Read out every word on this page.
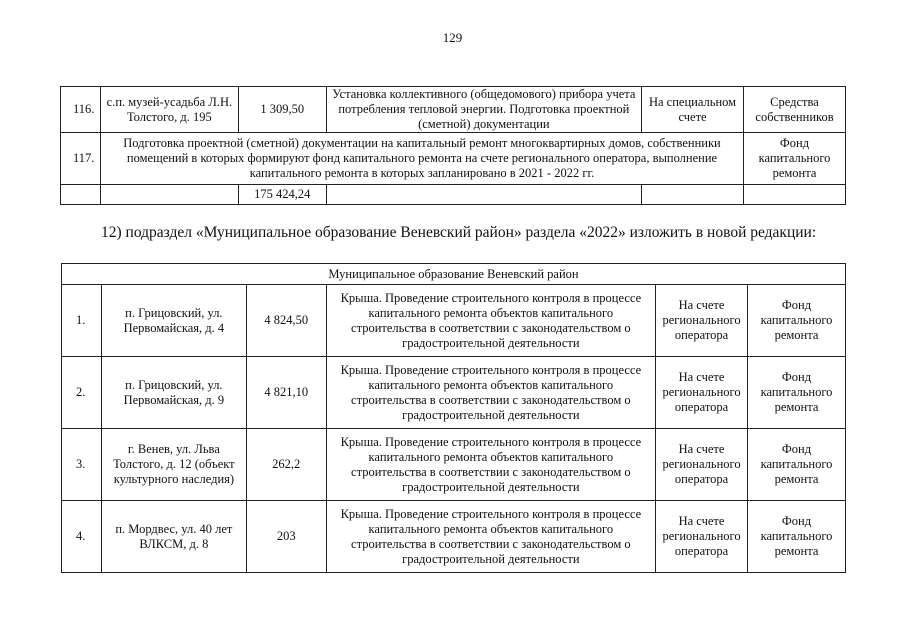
129
116.	с.п. музей-усадьба Л.Н. Толстого, д. 195	1 309,50	Установка коллективного (общедомового) прибора учета потребления тепловой энергии. Подготовка проектной (сметной) документации	На специальном счете	Средства собственников
117.	Подготовка проектной (сметной) документации на капитальный ремонт многоквартирных домов, собственники помещений в которых формируют фонд капитального ремонта на счете регионального оператора, выполнение капитального ремонта в которых запланировано в 2021 - 2022 гг.				Фонд капитального ремонта
		175 424,24			
12) подраздел «Муниципальное образование Веневский район» раздела «2022» изложить в новой редакции:
Муниципальное образование Веневский район					
1.	п. Грицовский, ул. Первомайская, д. 4	4 824,50	Крыша. Проведение строительного контроля в процессе капитального ремонта объектов капитального строительства в соответствии с законодательством о градостроительной деятельности	На счете регионального оператора	Фонд капитального ремонта
2.	п. Грицовский, ул. Первомайская, д. 9	4 821,10	Крыша. Проведение строительного контроля в процессе капитального ремонта объектов капитального строительства в соответствии с законодательством о градостроительной деятельности	На счете регионального оператора	Фонд капитального ремонта
3.	г. Венев, ул. Льва Толстого, д. 12 (объект культурного наследия)	262,2	Крыша. Проведение строительного контроля в процессе капитального ремонта объектов капитального строительства в соответствии с законодательством о градостроительной деятельности	На счете регионального оператора	Фонд капитального ремонта
4.	п. Мордвес, ул. 40 лет ВЛКСМ, д. 8	203	Крыша. Проведение строительного контроля в процессе капитального ремонта объектов капитального строительства в соответствии с законодательством о градостроительной деятельности	На счете регионального оператора	Фонд капитального ремонта
